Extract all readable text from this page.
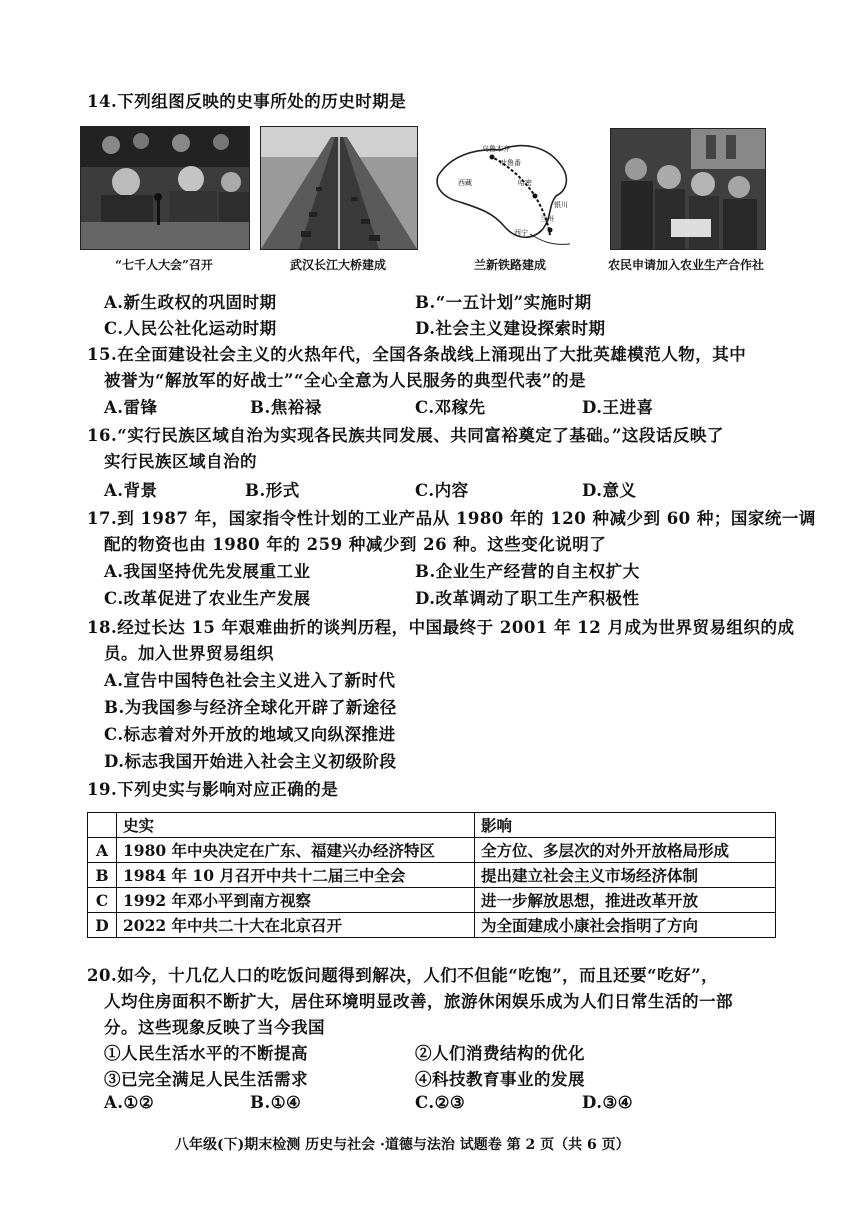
14.下列组图反映的史事所处的历史时期是
乌鲁木齐
吐鲁番
哈密
兰州
西宁
银川
西藏
“七千人大会”召开	武汉长江大桥建成	兰新铁路建成	农民申请加入农业生产合作社
A.新生政权的巩固时期	B.“一五计划”实施时期
C.人民公社化运动时期	D.社会主义建设探索时期
15.在全面建设社会主义的火热年代，全国各条战线上涌现出了大批英雄模范人物，其中
被誉为“解放军的好战士”“全心全意为人民服务的典型代表”的是
A.雷锋	B.焦裕禄	C.邓稼先	D.王进喜
16.“实行民族区域自治为实现各民族共同发展、共同富裕奠定了基础。”这段话反映了
实行民族区域自治的
A.背景	B.形式	C.内容	D.意义
17.到 1987 年，国家指令性计划的工业产品从 1980 年的 120 种减少到 60 种；国家统一调
配的物资也由 1980 年的 259 种减少到 26 种。这些变化说明了
A.我国坚持优先发展重工业	B.企业生产经营的自主权扩大
C.改革促进了农业生产发展	D.改革调动了职工生产积极性
18.经过长达 15 年艰难曲折的谈判历程，中国最终于 2001 年 12 月成为世界贸易组织的成
员。加入世界贸易组织
A.宣告中国特色社会主义进入了新时代
B.为我国参与经济全球化开辟了新途径
C.标志着对外开放的地域又向纵深推进
D.标志我国开始进入社会主义初级阶段
19.下列史实与影响对应正确的是
	史实	影响
A	1980 年中央决定在广东、福建兴办经济特区	全方位、多层次的对外开放格局形成
B	1984 年 10 月召开中共十二届三中全会	提出建立社会主义市场经济体制
C	1992 年邓小平到南方视察	进一步解放思想，推进改革开放
D	2022 年中共二十大在北京召开	为全面建成小康社会指明了方向
20.如今，十几亿人口的吃饭问题得到解决，人们不但能“吃饱”，而且还要“吃好”，
人均住房面积不断扩大，居住环境明显改善，旅游休闲娱乐成为人们日常生活的一部
分。这些现象反映了当今我国
①人民生活水平的不断提高	②人们消费结构的优化
③已完全满足人民生活需求	④科技教育事业的发展
A.①②	B.①④	C.②③	D.③④
八年级(下)期末检测 历史与社会 ·道德与法治 试题卷 第 2 页（共 6 页）
